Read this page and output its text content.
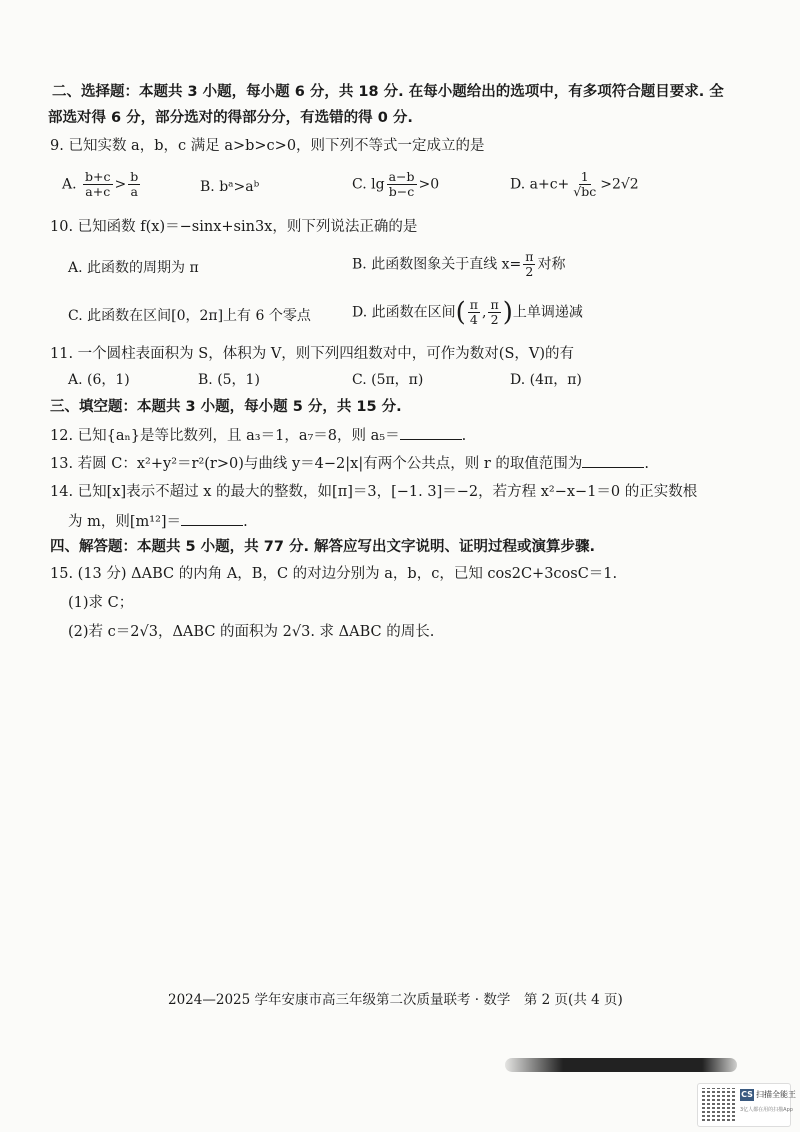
二、选择题：本题共 3 小题，每小题 6 分，共 18 分. 在每小题给出的选项中，有多项符合题目要求. 全
部选对得 6 分，部分选对的得部分分，有选错的得 0 分.
9. 已知实数 a，b，c 满足 a>b>c>0，则下列不等式一定成立的是
A. $\frac{b+c}{a+c} > \frac{b}{a}$	B. bᵃ>aᵇ	C. $\lg \frac{a-b}{b-c} >0$	D. $a+c+ \frac{1}{√bc} >2√2$
10. 已知函数 f(x)＝−sinx+sin3x，则下列说法正确的是
A. 此函数的周期为 π	B. 此函数图象关于直线 $x= \frac{\pi}{2}$ 对称
C. 此函数在区间[0，2π]上有 6 个零点	D. 此函数在区间( $\frac{\pi}{4}$ , $\frac{\pi}{2}$ )上单调递减
11. 一个圆柱表面积为 S，体积为 V，则下列四组数对中，可作为数对(S，V)的有
A. (6，1)	B. (5，1)	C. (5π，π)	D. (4π，π)
三、填空题：本题共 3 小题，每小题 5 分，共 15 分.
12. 已知{aₙ}是等比数列，且 a₃＝1，a₇＝8，则 a₅＝	.
13. 若圆 C：x²+y²＝r²(r>0)与曲线 y＝4−2|x|有两个公共点，则 r 的取值范围为	.
14. 已知[x]表示不超过 x 的最大的整数，如[π]＝3，[−1. 3]＝−2，若方程 x²−x−1＝0 的正实数根
为 m，则[m¹²]＝	.
四、解答题：本题共 5 小题，共 77 分. 解答应写出文字说明、证明过程或演算步骤.
15. (13 分) ΔABC 的内角 A，B，C 的对边分别为 a，b，c，已知 cos2C+3cosC＝1.
(1)求 C；
(2)若 c＝2√3，ΔABC 的面积为 2√3. 求 ΔABC 的周长.
2024—2025 学年安康市高三年级第二次质量联考 · 数学　第 2 页(共 4 页)
CS 扫描全能王
3亿人都在用的扫描App
